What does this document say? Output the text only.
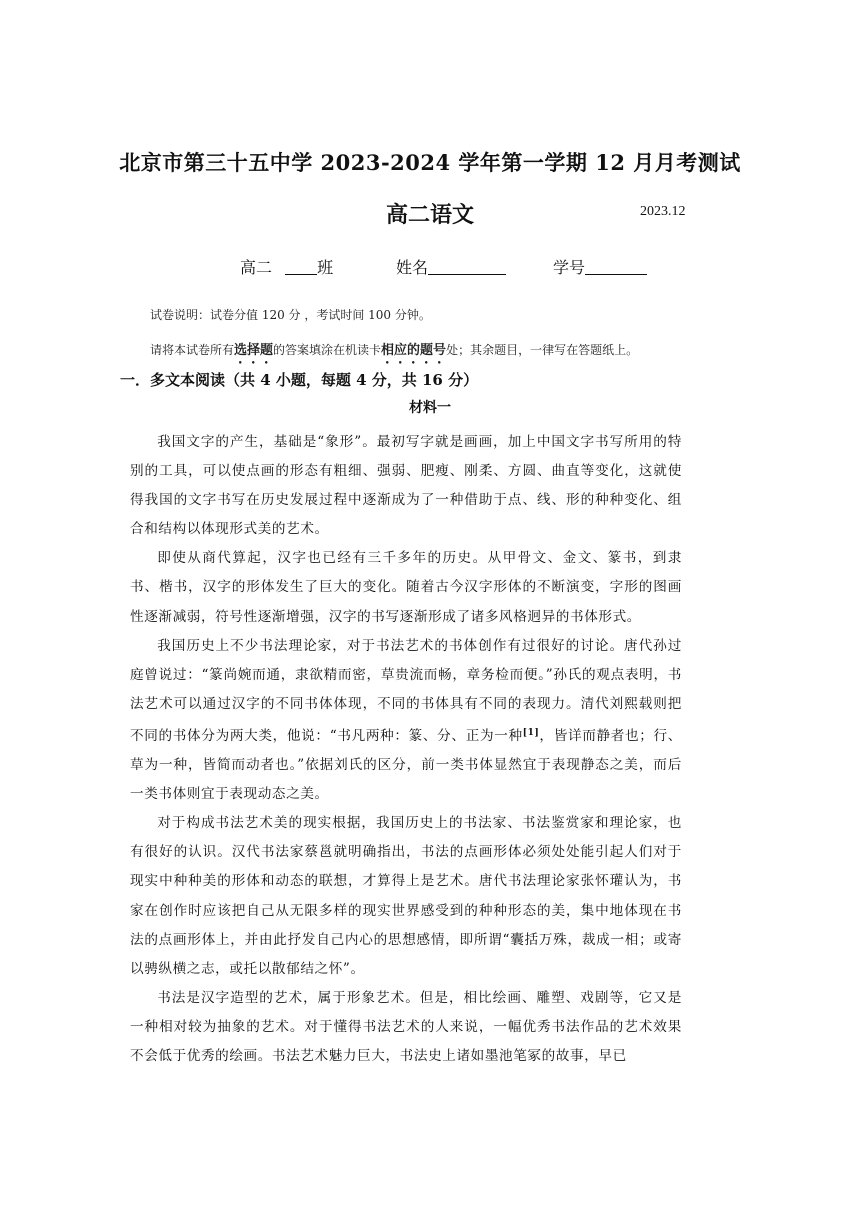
北京市第三十五中学 2023-2024 学年第一学期 12 月月考测试
高二语文	2023.12
高二	班	姓名	学号
试卷说明：试卷分值 120 分 ，考试时间 100 分钟。
请将本试卷所有选择题的答案填涂在机读卡相应的题号处；其余题目，一律写在答题纸上。
一．多文本阅读（共 4 小题，每题 4 分，共 16 分）
材料一

我国文字的产生，基础是“象形”。最初写字就是画画，加上中国文字书写所用的特别的工具，可以使点画的形态有粗细、强弱、肥瘦、刚柔、方圆、曲直等变化，这就使得我国的文字书写在历史发展过程中逐渐成为了一种借助于点、线、形的种种变化、组合和结构以体现形式美的艺术。

即使从商代算起，汉字也已经有三千多年的历史。从甲骨文、金文、篆书，到隶书、楷书，汉字的形体发生了巨大的变化。随着古今汉字形体的不断演变，字形的图画性逐渐减弱，符号性逐渐增强，汉字的书写逐渐形成了诸多风格迥异的书体形式。

我国历史上不少书法理论家，对于书法艺术的书体创作有过很好的讨论。唐代孙过庭曾说过：“篆尚婉而通，隶欲精而密，草贵流而畅，章务检而便。”孙氏的观点表明，书法艺术可以通过汉字的不同书体体现，不同的书体具有不同的表现力。清代刘熙载则把不同的书体分为两大类，他说：“书凡两种：篆、分、正为一种[1]，皆详而静者也；行、草为一种，皆简而动者也。”依据刘氏的区分，前一类书体显然宜于表现静态之美，而后一类书体则宜于表现动态之美。

对于构成书法艺术美的现实根据，我国历史上的书法家、书法鉴赏家和理论家，也有很好的认识。汉代书法家蔡邕就明确指出，书法的点画形体必须处处能引起人们对于现实中种种美的形体和动态的联想，才算得上是艺术。唐代书法理论家张怀瓘认为，书家在创作时应该把自己从无限多样的现实世界感受到的种种形态的美，集中地体现在书法的点画形体上，并由此抒发自己内心的思想感情，即所谓“囊括万殊，裁成一相；或寄以骋纵横之志，或托以散郁结之怀”。

书法是汉字造型的艺术，属于形象艺术。但是，相比绘画、雕塑、戏剧等，它又是一种相对较为抽象的艺术。对于懂得书法艺术的人来说，一幅优秀书法作品的艺术效果不会低于优秀的绘画。书法艺术魅力巨大，书法史上诸如墨池笔冢的故事，早已
